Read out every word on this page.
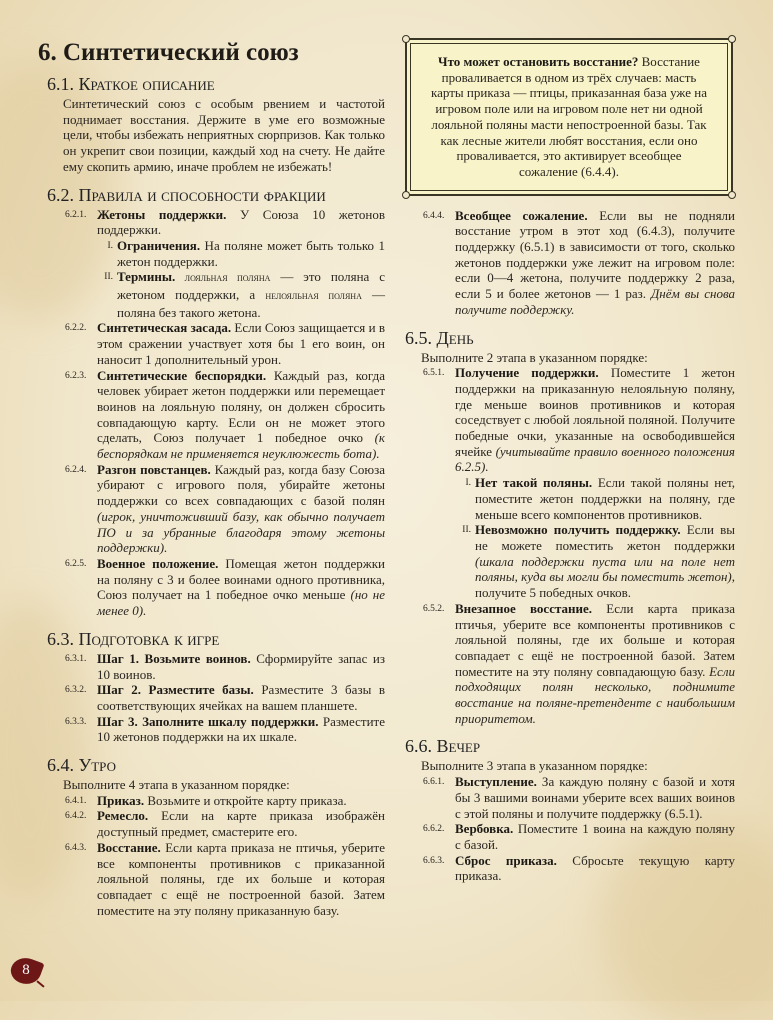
6. Синтетический союз
6.1. Краткое описание
Синтетический союз с особым рвением и частотой поднимает восстания. Держите в уме его возможные цели, чтобы избежать неприятных сюрпризов. Как только он укрепит свои позиции, каждый ход на счету. Не дайте ему скопить армию, иначе проблем не избежать!
6.2. Правила и способности фракции
6.2.1. Жетоны поддержки. У Союза 10 жетонов поддержки.
I. Ограничения. На поляне может быть только 1 жетон поддержки.
II. Термины. лояльная поляна — это поляна с жетоном поддержки, а нелояльная поляна — поляна без такого жетона.
6.2.2. Синтетическая засада. Если Союз защищается и в этом сражении участвует хотя бы 1 его воин, он наносит 1 дополнительный урон.
6.2.3. Синтетические беспорядки. Каждый раз, когда человек убирает жетон поддержки или перемещает воинов на лояльную поляну, он должен сбросить совпадающую карту. Если он не может этого сделать, Союз получает 1 победное очко (к беспорядкам не применяется неуклюжесть бота).
6.2.4. Разгон повстанцев. Каждый раз, когда базу Союза убирают с игрового поля, убирайте жетоны поддержки со всех совпадающих с базой полян (игрок, уничтоживший базу, как обычно получает ПО и за убранные благодаря этому жетоны поддержки).
6.2.5. Военное положение. Помещая жетон поддержки на поляну с 3 и более воинами одного противника, Союз получает на 1 победное очко меньше (но не менее 0).
6.3. Подготовка к игре
6.3.1. Шаг 1. Возьмите воинов. Сформируйте запас из 10 воинов.
6.3.2. Шаг 2. Разместите базы. Разместите 3 базы в соответствующих ячейках на вашем планшете.
6.3.3. Шаг 3. Заполните шкалу поддержки. Разместите 10 жетонов поддержки на их шкале.
6.4. Утро
Выполните 4 этапа в указанном порядке:
6.4.1. Приказ. Возьмите и откройте карту приказа.
6.4.2. Ремесло. Если на карте приказа изображён доступный предмет, смастерите его.
6.4.3. Восстание. Если карта приказа не птичья, уберите все компоненты противников с приказанной лояльной поляны, где их больше и которая совпадает с ещё не построенной базой. Затем поместите на эту поляну приказанную базу.
Что может остановить восстание? Восстание проваливается в одном из трёх случаев: масть карты приказа — птицы, приказанная база уже на игровом поле или на игровом поле нет ни одной лояльной поляны масти непостроенной базы. Так как лесные жители любят восстания, если оно проваливается, это активирует всеобщее сожаление (6.4.4).
6.4.4. Всеобщее сожаление. Если вы не подняли восстание утром в этот ход (6.4.3), получите поддержку (6.5.1) в зависимости от того, сколько жетонов поддержки уже лежит на игровом поле: если 0—4 жетона, получите поддержку 2 раза, если 5 и более жетонов — 1 раз. Днём вы снова получите поддержку.
6.5. День
Выполните 2 этапа в указанном порядке:
6.5.1. Получение поддержки. Поместите 1 жетон поддержки на приказанную нелояльную поляну, где меньше воинов противников и которая соседствует с любой лояльной поляной. Получите победные очки, указанные на освободившейся ячейке (учитывайте правило военного положения 6.2.5).
I. Нет такой поляны. Если такой поляны нет, поместите жетон поддержки на поляну, где меньше всего компонентов противников.
II. Невозможно получить поддержку. Если вы не можете поместить жетон поддержки (шкала поддержки пуста или на поле нет поляны, куда вы могли бы поместить жетон), получите 5 победных очков.
6.5.2. Внезапное восстание. Если карта приказа птичья, уберите все компоненты противников с лояльной поляны, где их больше и которая совпадает с ещё не построенной базой. Затем поместите на эту поляну совпадающую базу. Если подходящих полян несколько, поднимите восстание на поляне-претенденте с наибольшим приоритетом.
6.6. Вечер
Выполните 3 этапа в указанном порядке:
6.6.1. Выступление. За каждую поляну с базой и хотя бы 3 вашими воинами уберите всех ваших воинов с этой поляны и получите поддержку (6.5.1).
6.6.2. Вербовка. Поместите 1 воина на каждую поляну с базой.
6.6.3. Сброс приказа. Сбросьте текущую карту приказа.
8
